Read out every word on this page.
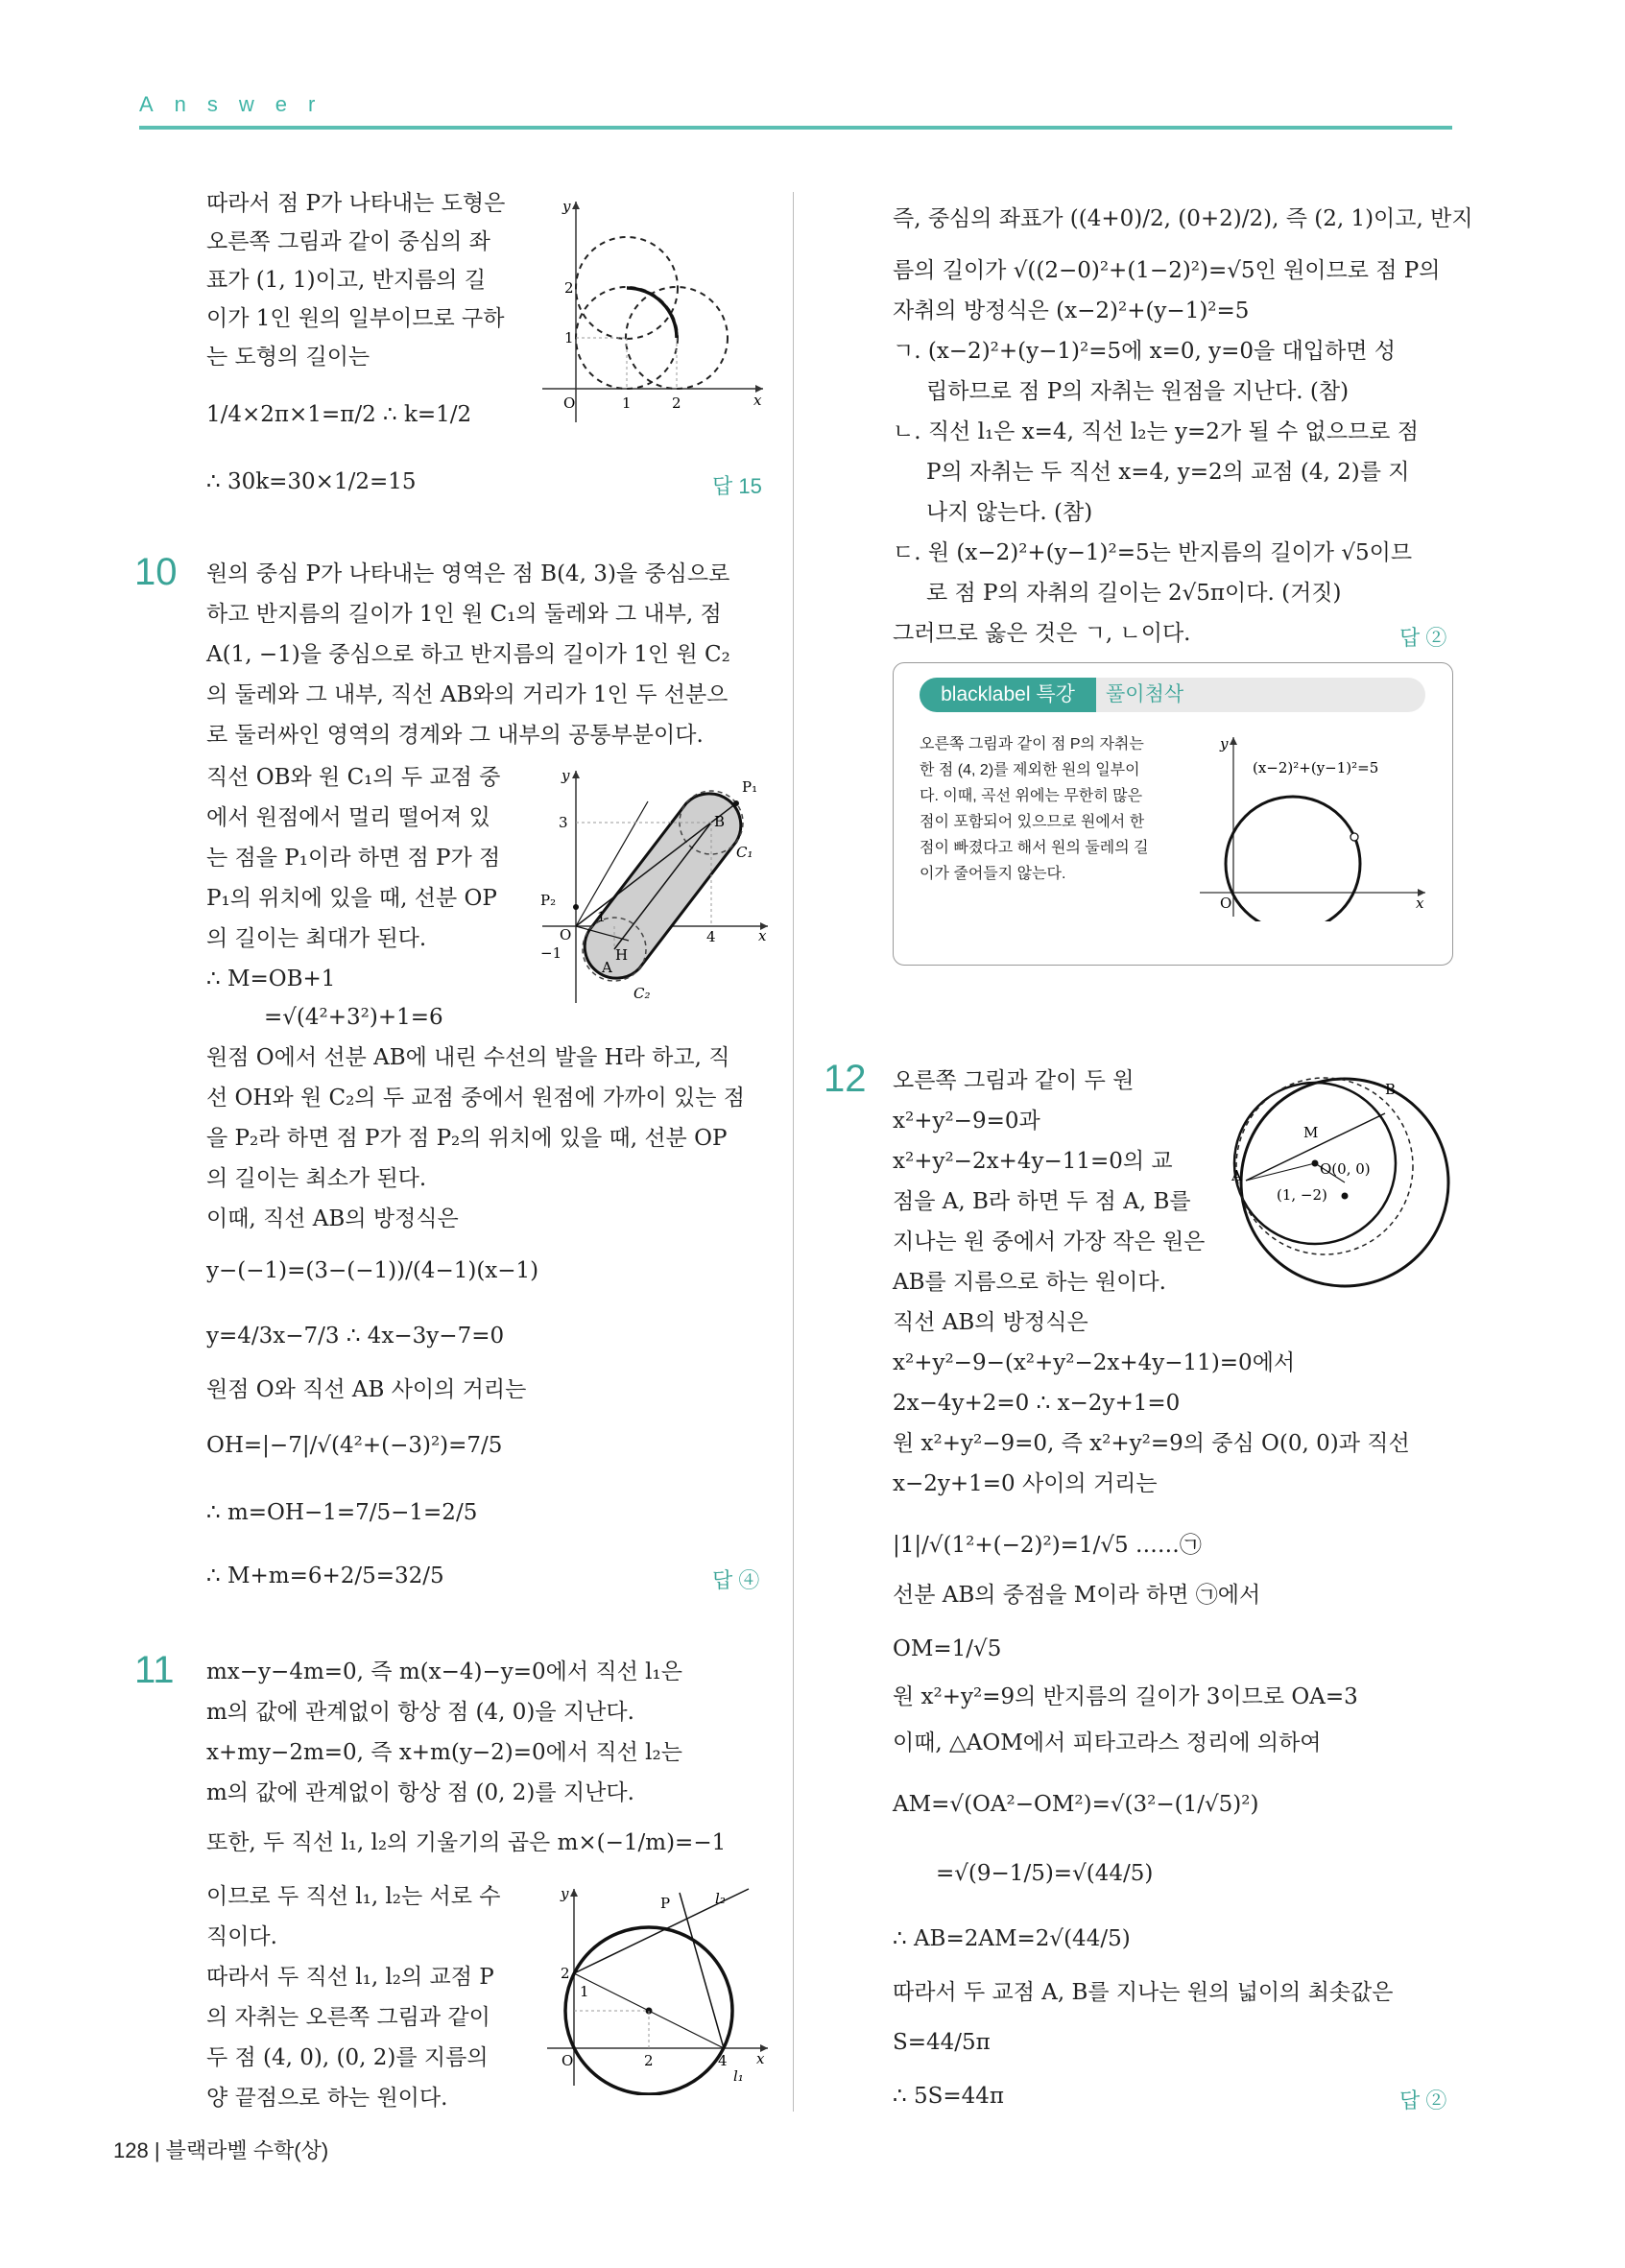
Answer
따라서 점 P가 나타내는 도형은
오른쪽 그림과 같이 중심의 좌
표가 (1, 1)이고, 반지름의 길
이가 1인 원의 일부이므로 구하
는 도형의 길이는
1/4×2π×1=π/2 ∴ k=1/2
∴ 30k=30×1/2=15	답 15
O	1	2
1
2
x
y
10 원의 중심 P가 나타내는 영역은 점 B(4, 3)을 중심으로
하고 반지름의 길이가 1인 원 C₁의 둘레와 그 내부, 점
A(1, −1)을 중심으로 하고 반지름의 길이가 1인 원 C₂
의 둘레와 그 내부, 직선 AB와의 거리가 1인 두 선분으
로 둘러싸인 영역의 경계와 그 내부의 공통부분이다.
직선 OB와 원 C₁의 두 교점 중
에서 원점에서 멀리 떨어져 있
는 점을 P₁이라 하면 점 P가 점
P₁의 위치에 있을 때, 선분 OP
의 길이는 최대가 된다.
∴ M=OB+1
=√(4²+3²)+1=6
원점 O에서 선분 AB에 내린 수선의 발을 H라 하고, 직
선 OH와 원 C₂의 두 교점 중에서 원점에 가까이 있는 점
을 P₂라 하면 점 P가 점 P₂의 위치에 있을 때, 선분 OP
의 길이는 최소가 된다.
이때, 직선 AB의 방정식은
y−(−1)=(3−(−1))/(4−1)(x−1)
y=4/3x−7/3 ∴ 4x−3y−7=0
원점 O와 직선 AB 사이의 거리는
OH=|−7|/√(4²+(−3)²)=7/5
∴ m=OH−1=7/5−1=2/5
∴ M+m=6+2/5=32/5	답 ④
P₁
B
C₁
3
P₂
O
−1
A
H
4
1
C₂
x
y
11 mx−y−4m=0, 즉 m(x−4)−y=0에서 직선 l₁은
m의 값에 관계없이 항상 점 (4, 0)을 지난다.
x+my−2m=0, 즉 x+m(y−2)=0에서 직선 l₂는
m의 값에 관계없이 항상 점 (0, 2)를 지난다.
또한, 두 직선 l₁, l₂의 기울기의 곱은 m×(−1/m)=−1
이므로 두 직선 l₁, l₂는 서로 수
직이다.
따라서 두 직선 l₁, l₂의 교점 P
의 자취는 오른쪽 그림과 같이
두 점 (4, 0), (0, 2)를 지름의
양 끝점으로 하는 원이다.
P	l₂
2
1
O	2	4
l₁
x
y
즉, 중심의 좌표가 ((4+0)/2, (0+2)/2), 즉 (2, 1)이고, 반지
름의 길이가 √((2−0)²+(1−2)²)=√5인 원이므로 점 P의
자취의 방정식은 (x−2)²+(y−1)²=5
ㄱ. (x−2)²+(y−1)²=5에 x=0, y=0을 대입하면 성
립하므로 점 P의 자취는 원점을 지난다. (참)
ㄴ. 직선 l₁은 x=4, 직선 l₂는 y=2가 될 수 없으므로 점
P의 자취는 두 직선 x=4, y=2의 교점 (4, 2)를 지
나지 않는다. (참)
ㄷ. 원 (x−2)²+(y−1)²=5는 반지름의 길이가 √5이므
로 점 P의 자취의 길이는 2√5π이다. (거짓)
그러므로 옳은 것은 ㄱ, ㄴ이다.	답 ②
blacklabel 특강	풀이첨삭
오른쪽 그림과 같이 점 P의 자취는
한 점 (4, 2)를 제외한 원의 일부이
다. 이때, 곡선 위에는 무한히 많은
점이 포함되어 있으므로 원에서 한
점이 빠졌다고 해서 원의 둘레의 길
이가 줄어들지 않는다.
(x−2)²+(y−1)²=5
O	x
y
12 오른쪽 그림과 같이 두 원
x²+y²−9=0과
x²+y²−2x+4y−11=0의 교
점을 A, B라 하면 두 점 A, B를
지나는 원 중에서 가장 작은 원은
AB를 지름으로 하는 원이다.
직선 AB의 방정식은
x²+y²−9−(x²+y²−2x+4y−11)=0에서
2x−4y+2=0 ∴ x−2y+1=0
원 x²+y²−9=0, 즉 x²+y²=9의 중심 O(0, 0)과 직선
x−2y+1=0 사이의 거리는
|1|/√(1²+(−2)²)=1/√5 ……㉠
선분 AB의 중점을 M이라 하면 ㉠에서
OM=1/√5
원 x²+y²=9의 반지름의 길이가 3이므로 OA=3
이때, △AOM에서 피타고라스 정리에 의하여
AM=√(OA²−OM²)=√(3²−(1/√5)²)
=√(9−1/5)=√(44/5)
∴ AB=2AM=2√(44/5)
따라서 두 교점 A, B를 지나는 원의 넓이의 최솟값은
S=44/5π
∴ 5S=44π	답 ②
B
M
O(0, 0)
A
(1, −2)
128 | 블랙라벨 수학(상)
